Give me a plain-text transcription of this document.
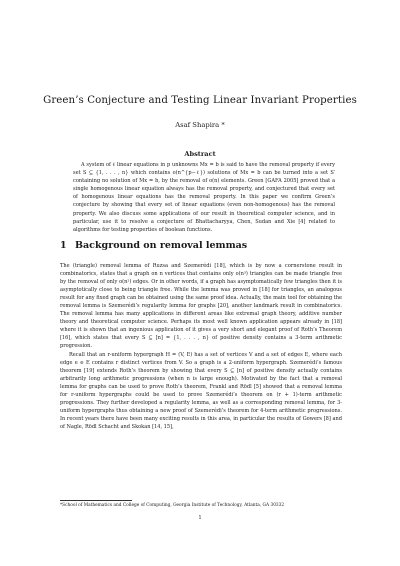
Green’s Conjecture and Testing Linear Invariant Properties
Asaf Shapira *
Abstract

A system of ℓ linear equations in p unknowns Mx = b is said to have the removal property if every set S ⊆ {1, . . . , n} which contains o(n^{p−ℓ}) solutions of Mx = b can be turned into a set S′ containing no solution of Mx = b, by the removal of o(n) elements. Green [GAFA 2005] proved that a single homogenous linear equation always has the removal property, and conjectured that every set of homogenous linear equations has the removal property. In this paper we confirm Green’s conjecture by showing that every set of linear equations (even non-homogenous) has the removal property. We also discuss some applications of our result in theoretical computer science, and in particular, use it to resolve a conjecture of Bhattacharyya, Chen, Sudan and Xie [4] related to algorithms for testing properties of boolean functions.

1 Background on removal lemmas

The (triangle) removal lemma of Ruzsa and Szemerédi [18], which is by now a cornerstone result in combinatorics, states that a graph on n vertices that contains only o(n³) triangles can be made triangle free by the removal of only o(n²) edges. Or in other words, if a graph has asymptomatically few triangles then it is asymptotically close to being triangle free. While the lemma was proved in [18] for triangles, an analogous result for any fixed graph can be obtained using the same proof idea. Actually, the main tool for obtaining the removal lemma is Szemerédi’s regularity lemma for graphs [20], another landmark result in combinatorics. The removal lemma has many applications in different areas like extremal graph theory, additive number theory and theoretical computer science. Perhaps its most well known application appears already in [18] where it is shown that an ingenious application of it gives a very short and elegant proof of Roth’s Theorem [16], which states that every S ⊆ [n] = {1, . . . , n} of positive density contains a 3-term arithmetic progression.

Recall that an r-uniform hypergraph H = (V, E) has a set of vertices V and a set of edges E, where each edge e ∈ E contains r distinct vertices from V. So a graph is a 2-uniform hypergraph. Szemerédi’s famous theorem [19] extends Roth’s theorem by showing that every S ⊆ [n] of positive density actually contains arbitrarily long arithmetic progressions (when n is large enough). Motivated by the fact that a removal lemma for graphs can be used to prove Roth’s theorem, Frankl and Rödl [5] showed that a removal lemma for r-uniform hypergraphs could be used to prove Szemerédi’s theorem on (r + 1)-term arithmetic progressions. They further developed a regularity lemma, as well as a corresponding removal lemma, for 3-uniform hypergraphs thus obtaining a new proof of Szemerédi’s theorem for 4-term arithmetic progressions. In recent years there have been many exciting results in this area, in particular the results of Gowers [8] and of Nagle, Rödl Schacht and Skokan [14, 15],

*School of Mathematics and College of Computing, Georgia Institute of Technology, Atlanta, GA 30332
1
